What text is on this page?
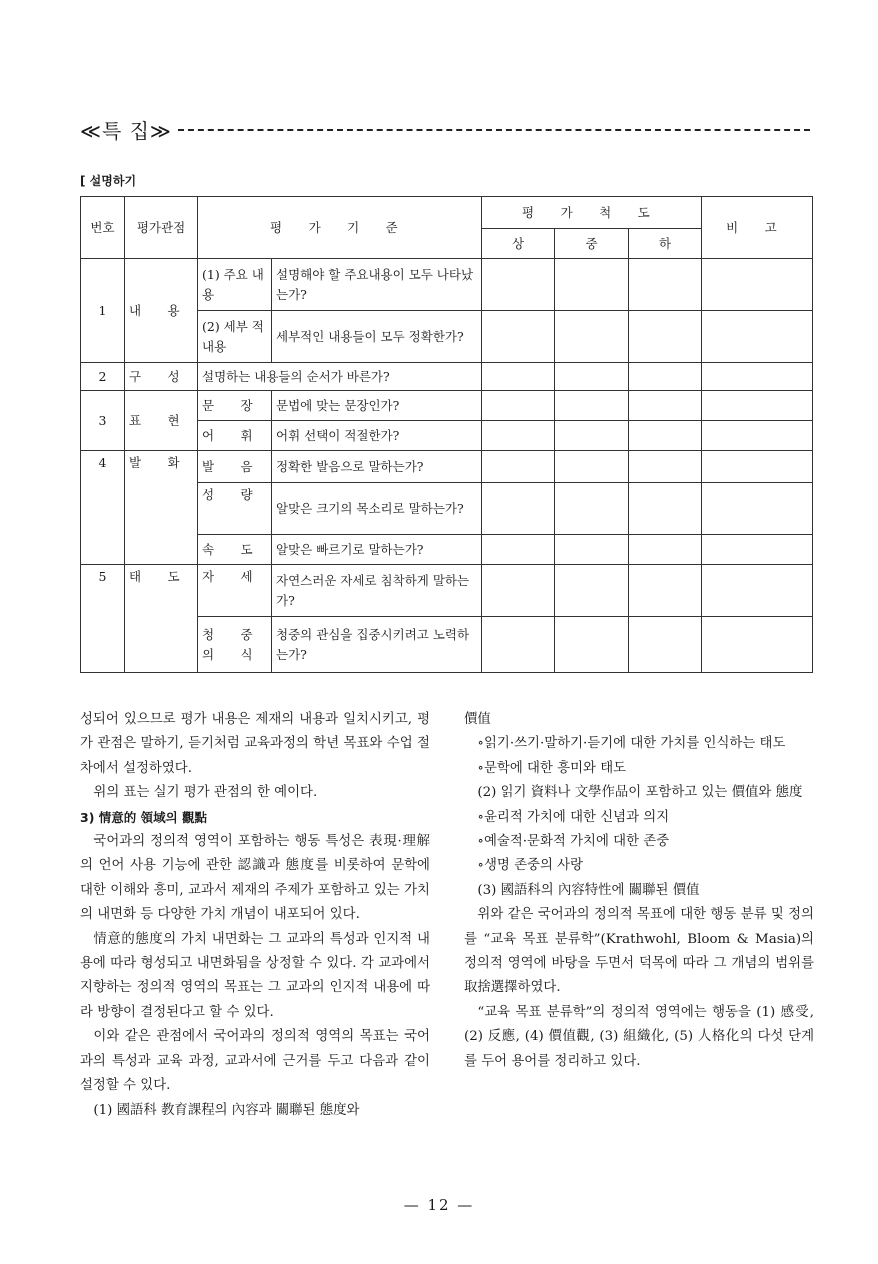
≪특 집≫
[ 설명하기
번호	평가관점	평 가 기 준		평 가 척 도			비 고
				상	중	하	
1	내 용	(1) 주요 내용	설명해야 할 주요내용이 모두 나타났는가?				
		(2) 세부 적 내용	세부적인 내용들이 모두 정확한가?				
2	구 성	설명하는 내용들의 순서가 바른가?					
3	표 현	문 장	문법에 맞는 문장인가?				
		어 휘	어휘 선택이 적절한가?				
4	발 화	발 음	정확한 발음으로 말하는가?				
		성 량	알맞은 크기의 목소리로 말하는가?				
		속 도	알맞은 빠르기로 말하는가?				
5	태 도	자 세	자연스러운 자세로 침착하게 말하는가?				
		청 중 의 식	청중의 관심을 집중시키려고 노력하는가?				

성되어 있으므로 평가 내용은 제재의 내용과 일치시키고, 평가 관점은 말하기, 듣기처럼 교육과정의 학년 목표와 수업 절차에서 설정하였다.

위의 표는 실기 평가 관점의 한 예이다.

3) 情意的 領域의 觀點

국어과의 정의적 영역이 포함하는 행동 특성은 表現·理解의 언어 사용 기능에 관한 認識과 態度를 비롯하여 문학에 대한 이해와 흥미, 교과서 제재의 주제가 포함하고 있는 가치의 내면화 등 다양한 가치 개념이 내포되어 있다.

情意的態度의 가치 내면화는 그 교과의 특성과 인지적 내용에 따라 형성되고 내면화됨을 상정할 수 있다. 각 교과에서 지향하는 정의적 영역의 목표는 그 교과의 인지적 내용에 따라 방향이 결정된다고 할 수 있다.

이와 같은 관점에서 국어과의 정의적 영역의 목표는 국어과의 특성과 교육 과정, 교과서에 근거를 두고 다음과 같이 설정할 수 있다.

(1) 國語科 教育課程의 內容과 關聯된 態度와

價值

∘읽기·쓰기·말하기·듣기에 대한 가치를 인식하는 태도

∘문학에 대한 흥미와 태도

(2) 읽기 資料나 文學作品이 포함하고 있는 價值와 態度

∘윤리적 가치에 대한 신념과 의지

∘예술적·문화적 가치에 대한 존중

∘생명 존중의 사랑

(3) 國語科의 內容特性에 關聯된 價值

위와 같은 국어과의 정의적 목표에 대한 행동 분류 및 정의를 “교육 목표 분류학”(Krathwohl, Bloom & Masia)의 정의적 영역에 바탕을 두면서 덕목에 따라 그 개념의 범위를 取捨選擇하였다.

“교육 목표 분류학”의 정의적 영역에는 행동을 (1) 感受, (2) 反應, (4) 價值觀, (3) 組織化, (5) 人格化의 다섯 단계를 두어 용어를 정리하고 있다.

— 12 —
